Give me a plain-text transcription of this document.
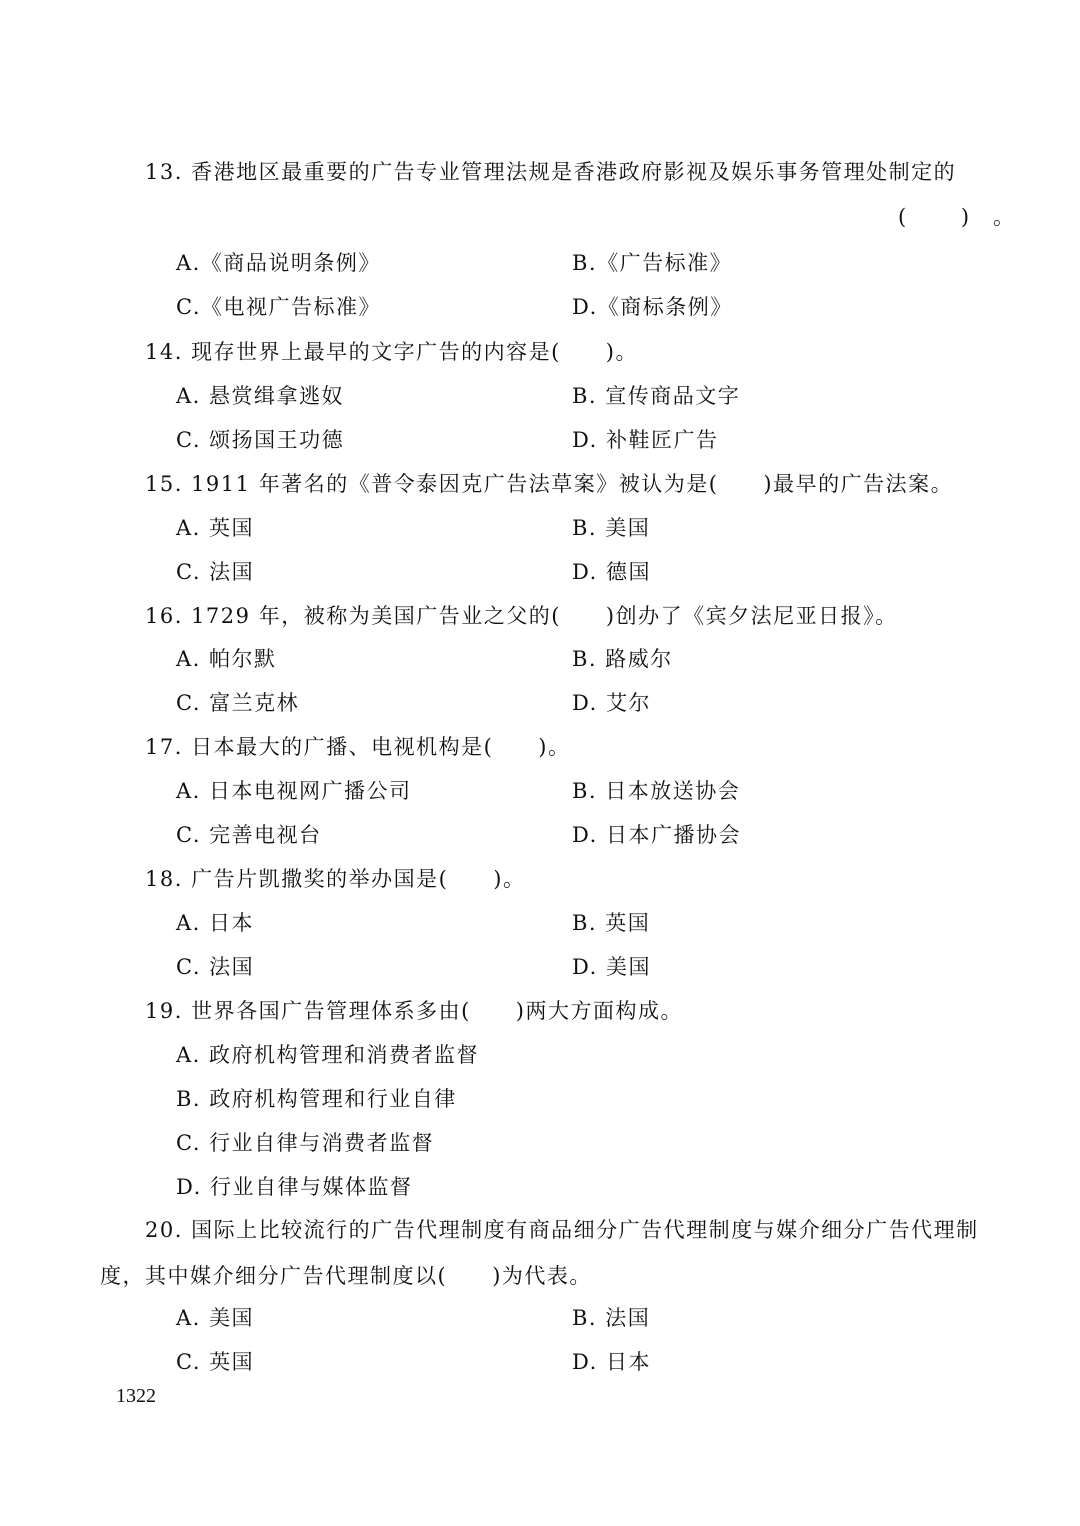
13. 香港地区最重要的广告专业管理法规是香港政府影视及娱乐事务管理处制定的
( )。
A.《商品说明条例》	B.《广告标准》
C.《电视广告标准》	D.《商标条例》
14. 现存世界上最早的文字广告的内容是(　　)。
A. 悬赏缉拿逃奴	B. 宣传商品文字
C. 颂扬国王功德	D. 补鞋匠广告
15. 1911 年著名的《普令泰因克广告法草案》被认为是(　　)最早的广告法案。
A. 英国	B. 美国
C. 法国	D. 德国
16. 1729 年，被称为美国广告业之父的(　　)创办了《宾夕法尼亚日报》。
A. 帕尔默	B. 路威尔
C. 富兰克林	D. 艾尔
17. 日本最大的广播、电视机构是(　　)。
A. 日本电视网广播公司	B. 日本放送协会
C. 完善电视台	D. 日本广播协会
18. 广告片凯撒奖的举办国是(　　)。
A. 日本	B. 英国
C. 法国	D. 美国
19. 世界各国广告管理体系多由(　　)两大方面构成。
A. 政府机构管理和消费者监督
B. 政府机构管理和行业自律
C. 行业自律与消费者监督
D. 行业自律与媒体监督
20. 国际上比较流行的广告代理制度有商品细分广告代理制度与媒介细分广告代理制
度，其中媒介细分广告代理制度以(　　)为代表。
A. 美国	B. 法国
C. 英国	D. 日本
1322
